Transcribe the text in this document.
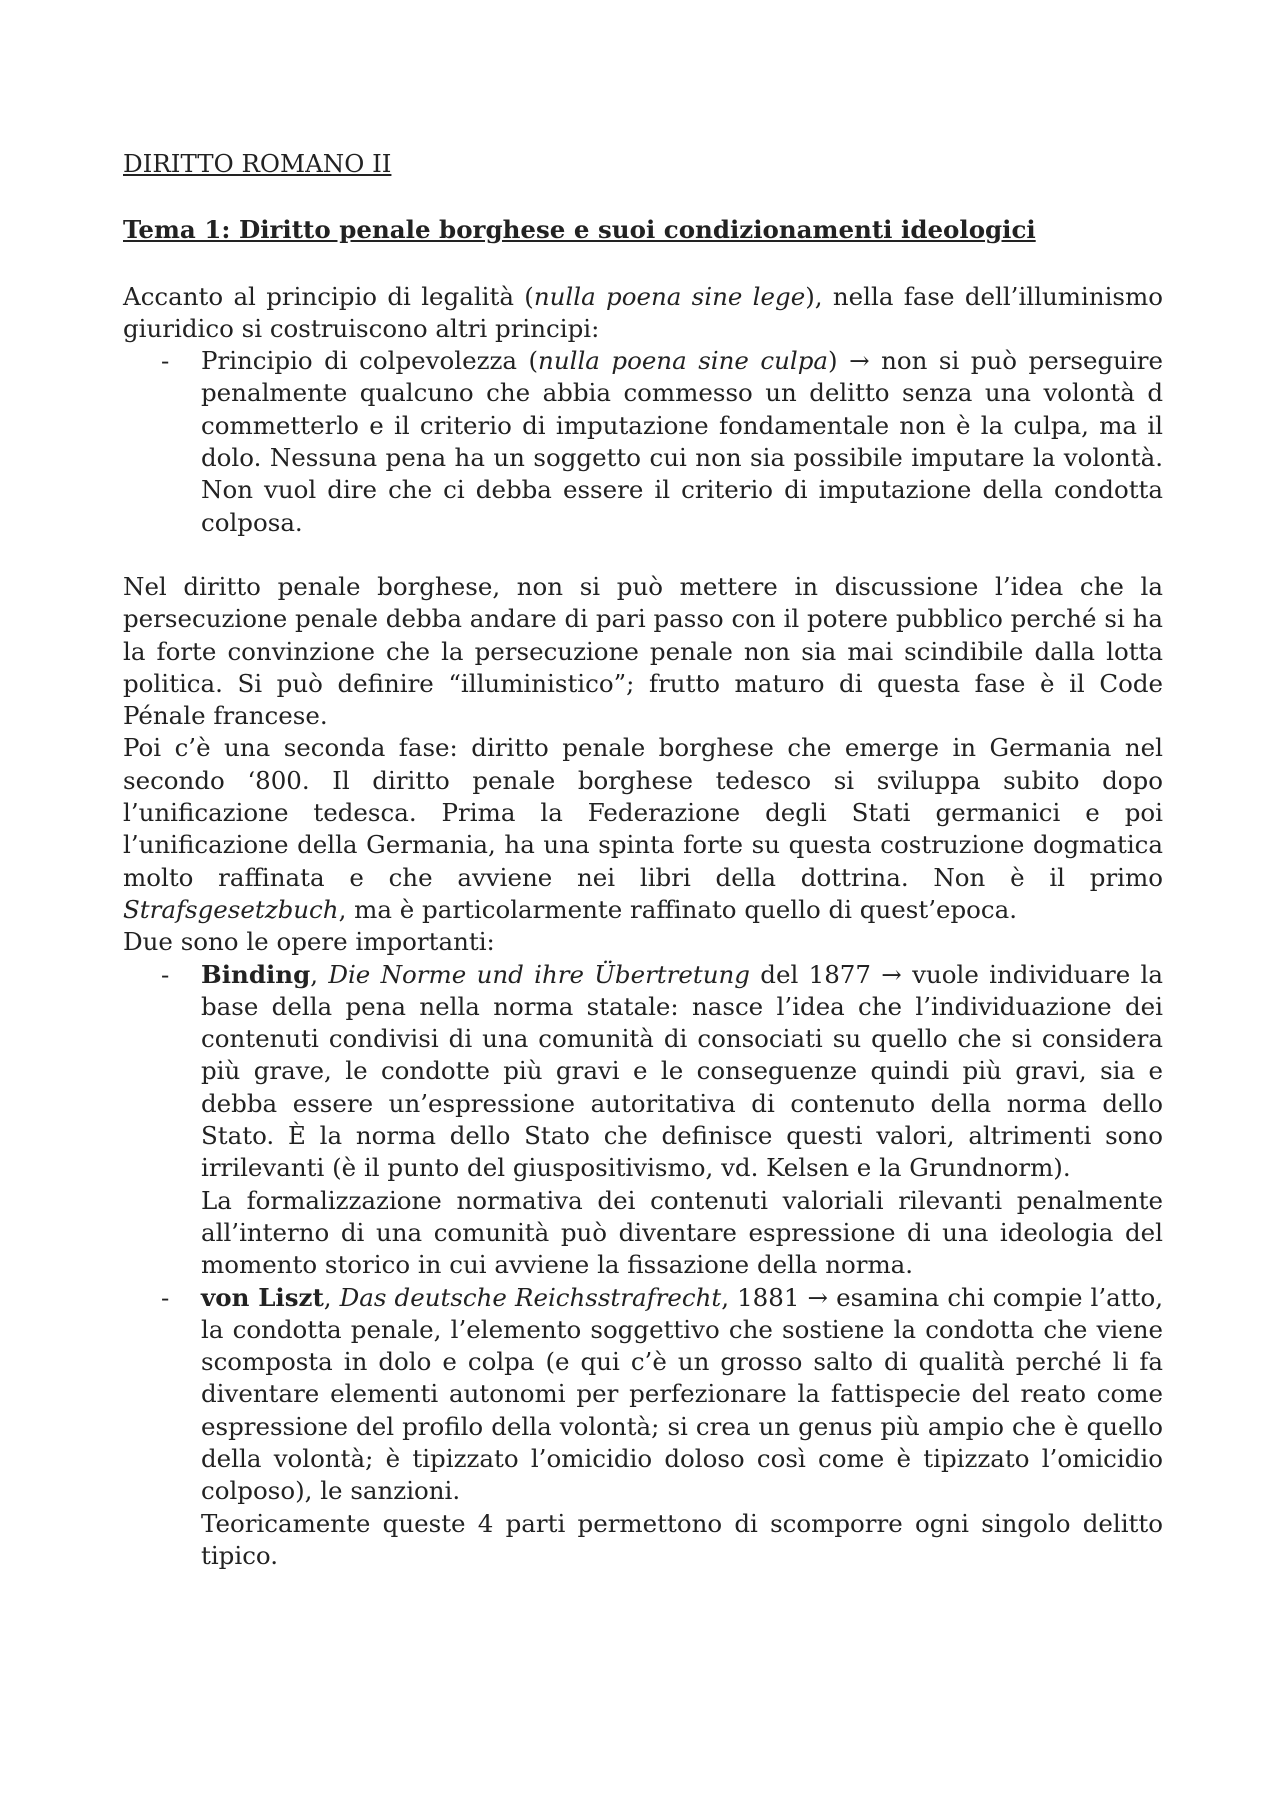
DIRITTO ROMANO II
Tema 1: Diritto penale borghese e suoi condizionamenti ideologici

Accanto al principio di legalità (nulla poena sine lege), nella fase dell’illuminismo giuridico si costruiscono altri principi:

- Principio di colpevolezza (nulla poena sine culpa) → non si può perseguire penalmente qualcuno che abbia commesso un delitto senza una volontà d commetterlo e il criterio di imputazione fondamentale non è la culpa, ma il dolo. Nessuna pena ha un soggetto cui non sia possibile imputare la volontà. Non vuol dire che ci debba essere il criterio di imputazione della condotta colposa.

Nel diritto penale borghese, non si può mettere in discussione l’idea che la persecuzione penale debba andare di pari passo con il potere pubblico perché si ha la forte convinzione che la persecuzione penale non sia mai scindibile dalla lotta politica. Si può definire “illuministico”; frutto maturo di questa fase è il Code Pénale francese.

Poi c’è una seconda fase: diritto penale borghese che emerge in Germania nel secondo ‘800. Il diritto penale borghese tedesco si sviluppa subito dopo l’unificazione tedesca. Prima la Federazione degli Stati germanici e poi l’unificazione della Germania, ha una spinta forte su questa costruzione dogmatica molto raffinata e che avviene nei libri della dottrina. Non è il primo Strafsgesetzbuch, ma è particolarmente raffinato quello di quest’epoca.

Due sono le opere importanti:

- Binding, Die Norme und ihre Übertretung del 1877 → vuole individuare la base della pena nella norma statale: nasce l’idea che l’individuazione dei contenuti condivisi di una comunità di consociati su quello che si considera più grave, le condotte più gravi e le conseguenze quindi più gravi, sia e debba essere un’espressione autoritativa di contenuto della norma dello Stato. È la norma dello Stato che definisce questi valori, altrimenti sono irrilevanti (è il punto del giuspositivismo, vd. Kelsen e la Grundnorm).

La formalizzazione normativa dei contenuti valoriali rilevanti penalmente all’interno di una comunità può diventare espressione di una ideologia del momento storico in cui avviene la fissazione della norma.

- von Liszt, Das deutsche Reichsstrafrecht, 1881 → esamina chi compie l’atto, la condotta penale, l’elemento soggettivo che sostiene la condotta che viene scomposta in dolo e colpa (e qui c’è un grosso salto di qualità perché li fa diventare elementi autonomi per perfezionare la fattispecie del reato come espressione del profilo della volontà; si crea un genus più ampio che è quello della volontà; è tipizzato l’omicidio doloso così come è tipizzato l’omicidio colposo), le sanzioni.

Teoricamente queste 4 parti permettono di scomporre ogni singolo delitto tipico.
